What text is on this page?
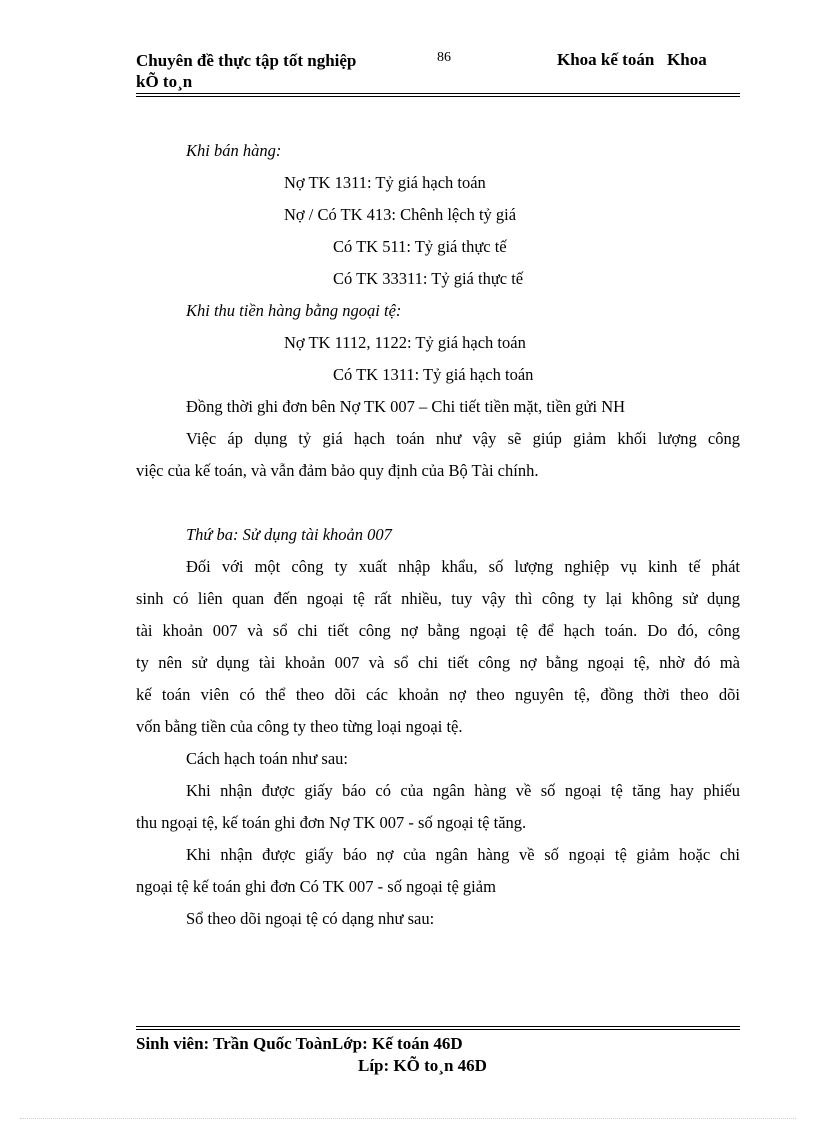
Chuyên đề thực tập tốt nghiệp
kÕ to¸n
86	Khoa kế toán   Khoa
Khi bán hàng:
Nợ TK 1311: Tỷ giá hạch toán
Nợ / Có TK 413: Chênh lệch tỷ giá
Có TK 511: Tỷ giá thực tế
Có TK 33311: Tỷ giá thực tế
Khi thu tiền hàng bằng ngoại tệ:
Nợ TK 1112, 1122: Tỷ giá hạch toán
Có TK 1311: Tỷ giá hạch toán
Đồng thời ghi đơn bên Nợ TK 007 – Chi tiết tiền mặt, tiền gửi NH
Việc áp dụng tỷ giá hạch toán như vậy sẽ giúp giảm khối lượng công
việc của kế toán, và vẫn đảm bảo quy định của Bộ Tài chính.
Thứ ba: Sử dụng tài khoản 007
Đối với một công ty xuất nhập khẩu, số lượng nghiệp vụ kinh tế phát
sinh có liên quan đến ngoại tệ rất nhiều, tuy vậy thì công ty lại không sử dụng
tài khoản 007 và sổ chi tiết công nợ bằng ngoại tệ để hạch toán. Do đó, công
ty nên sử dụng tài khoản 007 và sổ chi tiết công nợ bằng ngoại tệ, nhờ đó mà
kế toán viên có thể theo dõi các khoản nợ theo nguyên tệ, đồng thời theo dõi
vốn bằng tiền của công ty theo từng loại ngoại tệ.
Cách hạch toán như sau:
Khi nhận được giấy báo có của ngân hàng về số ngoại tệ tăng hay phiếu
thu ngoại tệ, kế toán ghi đơn Nợ TK 007 - số ngoại tệ tăng.
Khi nhận được giấy báo nợ của ngân hàng về số ngoại tệ giảm hoặc chi
ngoại tệ kế toán ghi đơn Có TK 007 - số ngoại tệ giảm
Sổ theo dõi ngoại tệ có dạng như sau:
Sinh viên: Trần Quốc ToànLớp: Kế toán 46D
Líp: KÕ to¸n 46D
